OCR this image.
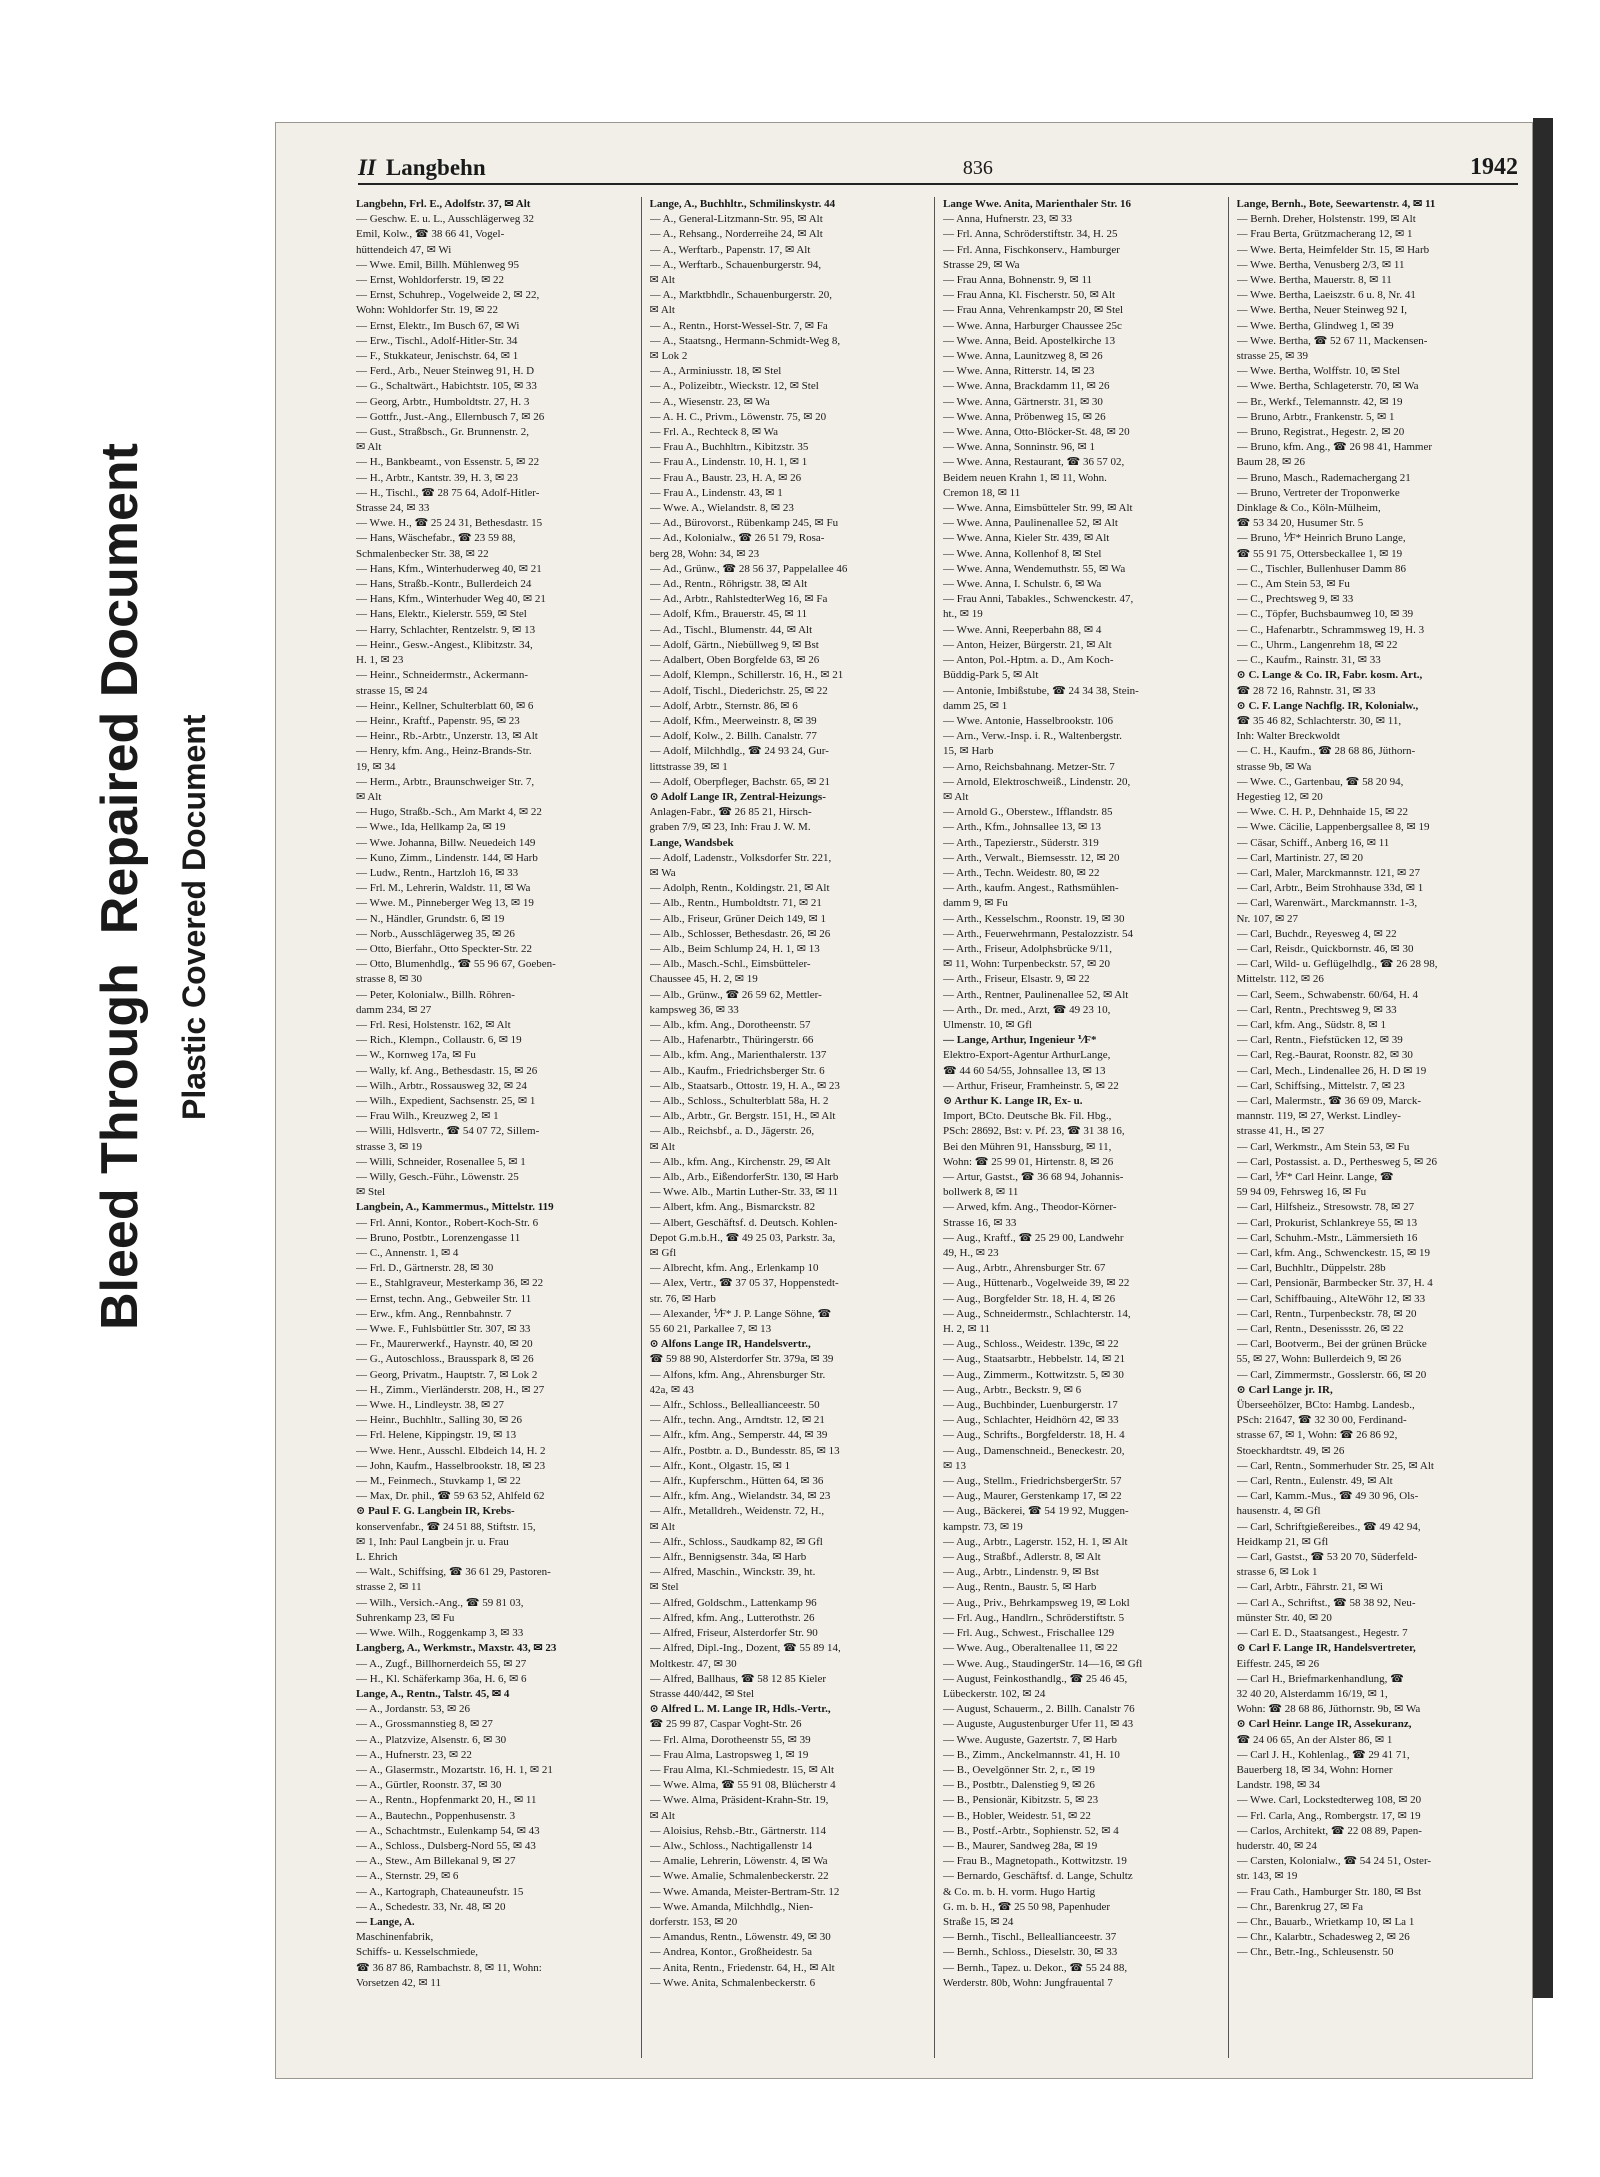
Bleed Through  Repaired Document Plastic Covered Document
II Langbehn	836	1942
Langbehn, Frl. E., Adolfstr. 37, ✉ Alt
— Geschw. E. u. L., Ausschlägerweg 32
Emil, Kolw., ☎ 38 66 41, Vogel-
hüttendeich 47, ✉ Wi
— Wwe. Emil, Billh. Mühlenweg 95
— Ernst, Wohldorferstr. 19, ✉ 22
— Ernst, Schuhrep., Vogelweide 2, ✉ 22,
Wohn: Wohldorfer Str. 19, ✉ 22
— Ernst, Elektr., Im Busch 67, ✉ Wi
— Erw., Tischl., Adolf-Hitler-Str. 34
— F., Stukkateur, Jenischstr. 64, ✉ 1
— Ferd., Arb., Neuer Steinweg 91, H. D
— G., Schaltwärt., Habichtstr. 105, ✉ 33
— Georg, Arbtr., Humboldtstr. 27, H. 3
— Gottfr., Just.-Ang., Ellernbusch 7, ✉ 26
— Gust., Straßbsch., Gr. Brunnenstr. 2,
✉ Alt
— H., Bankbeamt., von Essenstr. 5, ✉ 22
— H., Arbtr., Kantstr. 39, H. 3, ✉ 23
— H., Tischl., ☎ 28 75 64, Adolf-Hitler-
Strasse 24, ✉ 33
— Wwe. H., ☎ 25 24 31, Bethesdastr. 15
— Hans, Wäschefabr., ☎ 23 59 88,
Schmalenbecker Str. 38, ✉ 22
— Hans, Kfm., Winterhuderweg 40, ✉ 21
— Hans, Straßb.-Kontr., Bullerdeich 24
— Hans, Kfm., Winterhuder Weg 40, ✉ 21
— Hans, Elektr., Kielerstr. 559, ✉ Stel
— Harry, Schlachter, Rentzelstr. 9, ✉ 13
— Heinr., Gesw.-Angest., Klibitzstr. 34,
H. 1, ✉ 23
— Heinr., Schneidermstr., Ackermann-
strasse 15, ✉ 24
— Heinr., Kellner, Schulterblatt 60, ✉ 6
— Heinr., Kraftf., Papenstr. 95, ✉ 23
— Heinr., Rb.-Arbtr., Unzerstr. 13, ✉ Alt
— Henry, kfm. Ang., Heinz-Brands-Str.
19, ✉ 34
— Herm., Arbtr., Braunschweiger Str. 7,
✉ Alt
— Hugo, Straßb.-Sch., Am Markt 4, ✉ 22
— Wwe., Ida, Hellkamp 2a, ✉ 19
— Wwe. Johanna, Billw. Neuedeich 149
— Kuno, Zimm., Lindenstr. 144, ✉ Harb
— Ludw., Rentn., Hartzloh 16, ✉ 33
— Frl. M., Lehrerin, Waldstr. 11, ✉ Wa
— Wwe. M., Pinneberger Weg 13, ✉ 19
— N., Händler, Grundstr. 6, ✉ 19
— Norb., Ausschlägerweg 35, ✉ 26
— Otto, Bierfahr., Otto Speckter-Str. 22
— Otto, Blumenhdlg., ☎ 55 96 67, Goeben-
strasse 8, ✉ 30
— Peter, Kolonialw., Billh. Röhren-
damm 234, ✉ 27
— Frl. Resi, Holstenstr. 162, ✉ Alt
— Rich., Klempn., Collaustr. 6, ✉ 19
— W., Kornweg 17a, ✉ Fu
— Wally, kf. Ang., Bethesdastr. 15, ✉ 26
— Wilh., Arbtr., Rossausweg 32, ✉ 24
— Wilh., Expedient, Sachsenstr. 25, ✉ 1
— Frau Wilh., Kreuzweg 2, ✉ 1
— Willi, Hdlsvertr., ☎ 54 07 72, Sillem-
strasse 3, ✉ 19
— Willi, Schneider, Rosenallee 5, ✉ 1
— Willy, Gesch.-Führ., Löwenstr. 25
✉ Stel
Langbein, A., Kammermus., Mittelstr. 119
— Frl. Anni, Kontor., Robert-Koch-Str. 6
— Bruno, Postbtr., Lorenzengasse 11
— C., Annenstr. 1, ✉ 4
— Frl. D., Gärtnerstr. 28, ✉ 30
— E., Stahlgraveur, Mesterkamp 36, ✉ 22
— Ernst, techn. Ang., Gebweiler Str. 11
— Erw., kfm. Ang., Rennbahnstr. 7
— Wwe. F., Fuhlsbüttler Str. 307, ✉ 33
— Fr., Maurerwerkf., Haynstr. 40, ✉ 20
— G., Autoschloss., Brausspark 8, ✉ 26
— Georg, Privatm., Hauptstr. 7, ✉ Lok 2
— H., Zimm., Vierländerstr. 208, H., ✉ 27
— Wwe. H., Lindleystr. 38, ✉ 27
— Heinr., Buchhltr., Salling 30, ✉ 26
— Frl. Helene, Kippingstr. 19, ✉ 13
— Wwe. Henr., Ausschl. Elbdeich 14, H. 2
— John, Kaufm., Hasselbrookstr. 18, ✉ 23
— M., Feinmech., Stuvkamp 1, ✉ 22
— Max, Dr. phil., ☎ 59 63 52, Ahlfeld 62
⊙ Paul F. G. Langbein IR, Krebs-
konservenfabr., ☎ 24 51 88, Stiftstr. 15,
✉ 1, Inh: Paul Langbein jr. u. Frau
L. Ehrich
— Walt., Schiffsing, ☎ 36 61 29, Pastoren-
strasse 2, ✉ 11
— Wilh., Versich.-Ang., ☎ 59 81 03,
Suhrenkamp 23, ✉ Fu
— Wwe. Wilh., Roggenkamp 3, ✉ 33
Langberg, A., Werkmstr., Maxstr. 43, ✉ 23
— A., Zugf., Billhornerdeich 55, ✉ 27
— H., Kl. Schäferkamp 36a, H. 6, ✉ 6
Lange, A., Rentn., Talstr. 45, ✉ 4
— A., Jordanstr. 53, ✉ 26
— A., Grossmannstieg 8, ✉ 27
— A., Platzvize, Alsenstr. 6, ✉ 30
— A., Hufnerstr. 23, ✉ 22
— A., Glasermstr., Mozartstr. 16, H. 1, ✉ 21
— A., Gürtler, Roonstr. 37, ✉ 30
— A., Rentn., Hopfenmarkt 20, H., ✉ 11
— A., Bautechn., Poppenhusenstr. 3
— A., Schachtmstr., Eulenkamp 54, ✉ 43
— A., Schloss., Dulsberg-Nord 55, ✉ 43
— A., Stew., Am Billekanal 9, ✉ 27
— A., Sternstr. 29, ✉ 6
— A., Kartograph, Chateauneufstr. 15
— A., Schedestr. 33, Nr. 48, ✉ 20
— Lange, A.
Maschinenfabrik,
Schiffs- u. Kesselschmiede,
☎ 36 87 86, Rambachstr. 8, ✉ 11, Wohn:
Vorsetzen 42, ✉ 11
Lange, A., Buchhltr., Schmilinskystr. 44
— A., General-Litzmann-Str. 95, ✉ Alt
— A., Rehsang., Norderreihe 24, ✉ Alt
— A., Werftarb., Papenstr. 17, ✉ Alt
— A., Werftarb., Schauenburgerstr. 94,
✉ Alt
— A., Marktbhdlr., Schauenburgerstr. 20,
✉ Alt
— A., Rentn., Horst-Wessel-Str. 7, ✉ Fa
— A., Staatsng., Hermann-Schmidt-Weg 8,
✉ Lok 2
— A., Arminiusstr. 18, ✉ Stel
— A., Polizeibtr., Wieckstr. 12, ✉ Stel
— A., Wiesenstr. 23, ✉ Wa
— A. H. C., Privm., Löwenstr. 75, ✉ 20
— Frl. A., Rechteck 8, ✉ Wa
— Frau A., Buchhltrn., Kibitzstr. 35
— Frau A., Lindenstr. 10, H. 1, ✉ 1
— Frau A., Baustr. 23, H. A, ✉ 26
— Frau A., Lindenstr. 43, ✉ 1
— Wwe. A., Wielandstr. 8, ✉ 23
— Ad., Bürovorst., Rübenkamp 245, ✉ Fu
— Ad., Kolonialw., ☎ 26 51 79, Rosa-
berg 28, Wohn: 34, ✉ 23
— Ad., Grünw., ☎ 28 56 37, Pappelallee 46
— Ad., Rentn., Röhrigstr. 38, ✉ Alt
— Ad., Arbtr., RahlstedterWeg 16, ✉ Fa
— Adolf, Kfm., Brauerstr. 45, ✉ 11
— Ad., Tischl., Blumenstr. 44, ✉ Alt
— Adolf, Gärtn., Niebüllweg 9, ✉ Bst
— Adalbert, Oben Borgfelde 63, ✉ 26
— Adolf, Klempn., Schillerstr. 16, H., ✉ 21
— Adolf, Tischl., Diederichstr. 25, ✉ 22
— Adolf, Arbtr., Sternstr. 86, ✉ 6
— Adolf, Kfm., Meerweinstr. 8, ✉ 39
— Adolf, Kolw., 2. Billh. Canalstr. 77
— Adolf, Milchhdlg., ☎ 24 93 24, Gur-
littstrasse 39, ✉ 1
— Adolf, Oberpfleger, Bachstr. 65, ✉ 21
⊙ Adolf Lange IR, Zentral-Heizungs-
Anlagen-Fabr., ☎ 26 85 21, Hirsch-
graben 7/9, ✉ 23, Inh: Frau J. W. M.
Lange, Wandsbek
— Adolf, Ladenstr., Volksdorfer Str. 221,
✉ Wa
— Adolph, Rentn., Koldingstr. 21, ✉ Alt
— Alb., Rentn., Humboldtstr. 71, ✉ 21
— Alb., Friseur, Grüner Deich 149, ✉ 1
— Alb., Schlosser, Bethesdastr. 26, ✉ 26
— Alb., Beim Schlump 24, H. 1, ✉ 13
— Alb., Masch.-Schl., Eimsbütteler-
Chaussee 45, H. 2, ✉ 19
— Alb., Grünw., ☎ 26 59 62, Mettler-
kampsweg 36, ✉ 33
— Alb., kfm. Ang., Dorotheenstr. 57
— Alb., Hafenarbtr., Thüringerstr. 66
— Alb., kfm. Ang., Marienthalerstr. 137
— Alb., Kaufm., Friedrichsberger Str. 6
— Alb., Staatsarb., Ottostr. 19, H. A., ✉ 23
— Alb., Schloss., Schulterblatt 58a, H. 2
— Alb., Arbtr., Gr. Bergstr. 151, H., ✉ Alt
— Alb., Reichsbf., a. D., Jägerstr. 26,
✉ Alt
— Alb., kfm. Ang., Kirchenstr. 29, ✉ Alt
— Alb., Arb., EißendorferStr. 130, ✉ Harb
— Wwe. Alb., Martin Luther-Str. 33, ✉ 11
— Albert, kfm. Ang., Bismarckstr. 82
— Albert, Geschäftsf. d. Deutsch. Kohlen-
Depot G.m.b.H., ☎ 49 25 03, Parkstr. 3a,
✉ Gfl
— Albrecht, kfm. Ang., Erlenkamp 10
— Alex, Vertr., ☎ 37 05 37, Hoppenstedt-
str. 76, ✉ Harb
— Alexander, ⅟F* J. P. Lange Söhne, ☎
55 60 21, Parkallee 7, ✉ 13
⊙ Alfons Lange IR, Handelsvertr.,
☎ 59 88 90, Alsterdorfer Str. 379a, ✉ 39
— Alfons, kfm. Ang., Ahrensburger Str.
42a, ✉ 43
— Alfr., Schloss., Belleallianceestr. 50
— Alfr., techn. Ang., Arndtstr. 12, ✉ 21
— Alfr., kfm. Ang., Semperstr. 44, ✉ 39
— Alfr., Postbtr. a. D., Bundesstr. 85, ✉ 13
— Alfr., Kont., Olgastr. 15, ✉ 1
— Alfr., Kupferschm., Hütten 64, ✉ 36
— Alfr., kfm. Ang., Wielandstr. 34, ✉ 23
— Alfr., Metalldreh., Weidenstr. 72, H.,
✉ Alt
— Alfr., Schloss., Saudkamp 82, ✉ Gfl
— Alfr., Bennigsenstr. 34a, ✉ Harb
— Alfred, Maschin., Winckstr. 39, ht.
✉ Stel
— Alfred, Goldschm., Lattenkamp 96
— Alfred, kfm. Ang., Lutterothstr. 26
— Alfred, Friseur, Alsterdorfer Str. 90
— Alfred, Dipl.-Ing., Dozent, ☎ 55 89 14,
Moltkestr. 47, ✉ 30
— Alfred, Ballhaus, ☎ 58 12 85 Kieler
Strasse 440/442, ✉ Stel
⊙ Alfred L. M. Lange IR, Hdls.-Vertr.,
☎ 25 99 87, Caspar Voght-Str. 26
— Frl. Alma, Dorotheenstr 55, ✉ 39
— Frau Alma, Lastropsweg 1, ✉ 19
— Frau Alma, Kl.-Schmiedestr. 15, ✉ Alt
— Wwe. Alma, ☎ 55 91 08, Blücherstr 4
— Wwe. Alma, Präsident-Krahn-Str. 19,
✉ Alt
— Aloisius, Rehsb.-Btr., Gärtnerstr. 114
— Alw., Schloss., Nachtigallenstr 14
— Amalie, Lehrerin, Löwenstr. 4, ✉ Wa
— Wwe. Amalie, Schmalenbeckerstr. 22
— Wwe. Amanda, Meister-Bertram-Str. 12
— Wwe. Amanda, Milchhdlg., Nien-
dorferstr. 153, ✉ 20
— Amandus, Rentn., Löwenstr. 49, ✉ 30
— Andrea, Kontor., Großheidestr. 5a
— Anita, Rentn., Friedenstr. 64, H., ✉ Alt
— Wwe. Anita, Schmalenbeckerstr. 6
Lange Wwe. Anita, Marienthaler Str. 16
— Anna, Hufnerstr. 23, ✉ 33
— Frl. Anna, Schröderstiftstr. 34, H. 25
— Frl. Anna, Fischkonserv., Hamburger
Strasse 29, ✉ Wa
— Frau Anna, Bohnenstr. 9, ✉ 11
— Frau Anna, Kl. Fischerstr. 50, ✉ Alt
— Frau Anna, Vehrenkampstr 20, ✉ Stel
— Wwe. Anna, Harburger Chaussee 25c
— Wwe. Anna, Beid. Apostelkirche 13
— Wwe. Anna, Launitzweg 8, ✉ 26
— Wwe. Anna, Ritterstr. 14, ✉ 23
— Wwe. Anna, Brackdamm 11, ✉ 26
— Wwe. Anna, Gärtnerstr. 31, ✉ 30
— Wwe. Anna, Pröbenweg 15, ✉ 26
— Wwe. Anna, Otto-Blöcker-St. 48, ✉ 20
— Wwe. Anna, Sonninstr. 96, ✉ 1
— Wwe. Anna, Restaurant, ☎ 36 57 02,
Beidem neuen Krahn 1, ✉ 11, Wohn.
Cremon 18, ✉ 11
— Wwe. Anna, Eimsbütteler Str. 99, ✉ Alt
— Wwe. Anna, Paulinenallee 52, ✉ Alt
— Wwe. Anna, Kieler Str. 439, ✉ Alt
— Wwe. Anna, Kollenhof 8, ✉ Stel
— Wwe. Anna, Wendemuthstr. 55, ✉ Wa
— Wwe. Anna, I. Schulstr. 6, ✉ Wa
— Frau Anni, Tabakles., Schwenckestr. 47,
ht., ✉ 19
— Wwe. Anni, Reeperbahn 88, ✉ 4
— Anton, Heizer, Bürgerstr. 21, ✉ Alt
— Anton, Pol.-Hptm. a. D., Am Koch-
Büddig-Park 5, ✉ Alt
— Antonie, Imbißstube, ☎ 24 34 38, Stein-
damm 25, ✉ 1
— Wwe. Antonie, Hasselbrookstr. 106
— Arn., Verw.-Insp. i. R., Waltenbergstr.
15, ✉ Harb
— Arno, Reichsbahnang. Metzer-Str. 7
— Arnold, Elektroschweiß., Lindenstr. 20,
✉ Alt
— Arnold G., Oberstew., Ifflandstr. 85
— Arth., Kfm., Johnsallee 13, ✉ 13
— Arth., Tapezierstr., Süderstr. 319
— Arth., Verwalt., Biemsesstr. 12, ✉ 20
— Arth., Techn. Weidestr. 80, ✉ 22
— Arth., kaufm. Angest., Rathsmühlen-
damm 9, ✉ Fu
— Arth., Kesselschm., Roonstr. 19, ✉ 30
— Arth., Feuerwehrmann, Pestalozzistr. 54
— Arth., Friseur, Adolphsbrücke 9/11,
✉ 11, Wohn: Turpenbeckstr. 57, ✉ 20
— Arth., Friseur, Elsastr. 9, ✉ 22
— Arth., Rentner, Paulinenallee 52, ✉ Alt
— Arth., Dr. med., Arzt, ☎ 49 23 10,
Ulmenstr. 10, ✉ Gfl
— Lange, Arthur, Ingenieur ⅟F*
Elektro-Export-Agentur ArthurLange,
☎ 44 60 54/55, Johnsallee 13, ✉ 13
— Arthur, Friseur, Framheinstr. 5, ✉ 22
⊙ Arthur K. Lange IR, Ex- u.
Import, BCto. Deutsche Bk. Fil. Hbg.,
PSch: 28692, Bst: v. Pf. 23, ☎ 31 38 16,
Bei den Mühren 91, Hanssburg, ✉ 11,
Wohn: ☎ 25 99 01, Hirtenstr. 8, ✉ 26
— Artur, Gastst., ☎ 36 68 94, Johannis-
bollwerk 8, ✉ 11
— Arwed, kfm. Ang., Theodor-Körner-
Strasse 16, ✉ 33
— Aug., Kraftf., ☎ 25 29 00, Landwehr
49, H., ✉ 23
— Aug., Arbtr., Ahrensburger Str. 67
— Aug., Hüttenarb., Vogelweide 39, ✉ 22
— Aug., Borgfelder Str. 18, H. 4, ✉ 26
— Aug., Schneidermstr., Schlachterstr. 14,
H. 2, ✉ 11
— Aug., Schloss., Weidestr. 139c, ✉ 22
— Aug., Staatsarbtr., Hebbelstr. 14, ✉ 21
— Aug., Zimmerm., Kottwitzstr. 5, ✉ 30
— Aug., Arbtr., Beckstr. 9, ✉ 6
— Aug., Buchbinder, Luenburgerstr. 17
— Aug., Schlachter, Heidhörn 42, ✉ 33
— Aug., Schrifts., Borgfelderstr. 18, H. 4
— Aug., Damenschneid., Beneckestr. 20,
✉ 13
— Aug., Stellm., FriedrichsbergerStr. 57
— Aug., Maurer, Gerstenkamp 17, ✉ 22
— Aug., Bäckerei, ☎ 54 19 92, Muggen-
kampstr. 73, ✉ 19
— Aug., Arbtr., Lagerstr. 152, H. 1, ✉ Alt
— Aug., Straßbf., Adlerstr. 8, ✉ Alt
— Aug., Arbtr., Lindenstr. 9, ✉ Bst
— Aug., Rentn., Baustr. 5, ✉ Harb
— Aug., Priv., Behrkampsweg 19, ✉ Lokl
— Frl. Aug., Handlrn., Schröderstiftstr. 5
— Frl. Aug., Schwest., Frischallee 129
— Wwe. Aug., Oberaltenallee 11, ✉ 22
— Wwe. Aug., StaudingerStr. 14—16, ✉ Gfl
— August, Feinkosthandlg., ☎ 25 46 45,
Lübeckerstr. 102, ✉ 24
— August, Schauerm., 2. Billh. Canalstr 76
— Auguste, Augustenburger Ufer 11, ✉ 43
— Wwe. Auguste, Gazertstr. 7, ✉ Harb
— B., Zimm., Anckelmannstr. 41, H. 10
— B., Oevelgönner Str. 2, r., ✉ 19
— B., Postbtr., Dalenstieg 9, ✉ 26
— B., Pensionär, Kibitzstr. 5, ✉ 23
— B., Hobler, Weidestr. 51, ✉ 22
— B., Postf.-Arbtr., Sophienstr. 52, ✉ 4
— B., Maurer, Sandweg 28a, ✉ 19
— Frau B., Magnetopath., Kottwitzstr. 19
— Bernardo, Geschäftsf. d. Lange, Schultz
& Co. m. b. H. vorm. Hugo Hartig
G. m. b. H., ☎ 25 50 98, Papenhuder
Straße 15, ✉ 24
— Bernh., Tischl., Belleallianceestr. 37
— Bernh., Schloss., Dieselstr. 30, ✉ 33
— Bernh., Tapez. u. Dekor., ☎ 55 24 88,
Werderstr. 80b, Wohn: Jungfrauental 7
Lange, Bernh., Bote, Seewartenstr. 4, ✉ 11
— Bernh. Dreher, Holstenstr. 199, ✉ Alt
— Frau Berta, Grützmacherang 12, ✉ 1
— Wwe. Berta, Heimfelder Str. 15, ✉ Harb
— Wwe. Bertha, Venusberg 2/3, ✉ 11
— Wwe. Bertha, Mauerstr. 8, ✉ 11
— Wwe. Bertha, Laeiszstr. 6 u. 8, Nr. 41
— Wwe. Bertha, Neuer Steinweg 92 I,
— Wwe. Bertha, Glindweg 1, ✉ 39
— Wwe. Bertha, ☎ 52 67 11, Mackensen-
strasse 25, ✉ 39
— Wwe. Bertha, Wolffstr. 10, ✉ Stel
— Wwe. Bertha, Schlageterstr. 70, ✉ Wa
— Br., Werkf., Telemannstr. 42, ✉ 19
— Bruno, Arbtr., Frankenstr. 5, ✉ 1
— Bruno, Registrat., Hegestr. 2, ✉ 20
— Bruno, kfm. Ang., ☎ 26 98 41, Hammer
Baum 28, ✉ 26
— Bruno, Masch., Rademachergang 21
— Bruno, Vertreter der Troponwerke
Dinklage & Co., Köln-Mülheim,
☎ 53 34 20, Husumer Str. 5
— Bruno, ⅟F* Heinrich Bruno Lange,
☎ 55 91 75, Ottersbeckallee 1, ✉ 19
— C., Tischler, Bullenhuser Damm 86
— C., Am Stein 53, ✉ Fu
— C., Prechtsweg 9, ✉ 33
— C., Töpfer, Buchsbaumweg 10, ✉ 39
— C., Hafenarbtr., Schrammsweg 19, H. 3
— C., Uhrm., Langenrehm 18, ✉ 22
— C., Kaufm., Rainstr. 31, ✉ 33
⊙ C. Lange & Co. IR, Fabr. kosm. Art.,
☎ 28 72 16, Rahnstr. 31, ✉ 33
⊙ C. F. Lange Nachflg. IR, Kolonialw.,
☎ 35 46 82, Schlachterstr. 30, ✉ 11,
Inh: Walter Breckwoldt
— C. H., Kaufm., ☎ 28 68 86, Jüthorn-
strasse 9b, ✉ Wa
— Wwe. C., Gartenbau, ☎ 58 20 94,
Hegestieg 12, ✉ 20
— Wwe. C. H. P., Dehnhaide 15, ✉ 22
— Wwe. Cäcilie, Lappenbergsallee 8, ✉ 19
— Cäsar, Schiff., Anberg 16, ✉ 11
— Carl, Martinistr. 27, ✉ 20
— Carl, Maler, Marckmannstr. 121, ✉ 27
— Carl, Arbtr., Beim Strohhause 33d, ✉ 1
— Carl, Warenwärt., Marckmannstr. 1-3,
Nr. 107, ✉ 27
— Carl, Buchdr., Reyesweg 4, ✉ 22
— Carl, Reisdr., Quickbornstr. 46, ✉ 30
— Carl, Wild- u. Geflügelhdlg., ☎ 26 28 98,
Mittelstr. 112, ✉ 26
— Carl, Seem., Schwabenstr. 60/64, H. 4
— Carl, Rentn., Prechtsweg 9, ✉ 33
— Carl, kfm. Ang., Südstr. 8, ✉ 1
— Carl, Rentn., Fiefstücken 12, ✉ 39
— Carl, Reg.-Baurat, Roonstr. 82, ✉ 30
— Carl, Mech., Lindenallee 26, H. D ✉ 19
— Carl, Schiffsing., Mittelstr. 7, ✉ 23
— Carl, Malermstr., ☎ 36 69 09, Marck-
mannstr. 119, ✉ 27, Werkst. Lindley-
strasse 41, H., ✉ 27
— Carl, Werkmstr., Am Stein 53, ✉ Fu
— Carl, Postassist. a. D., Perthesweg 5, ✉ 26
— Carl, ⅟F* Carl Heinr. Lange, ☎
59 94 09, Fehrsweg 16, ✉ Fu
— Carl, Hilfsheiz., Stresowstr. 78, ✉ 27
— Carl, Prokurist, Schlankreye 55, ✉ 13
— Carl, Schuhm.-Mstr., Lämmersieth 16
— Carl, kfm. Ang., Schwenckestr. 15, ✉ 19
— Carl, Buchhltr., Düppelstr. 28b
— Carl, Pensionär, Barmbecker Str. 37, H. 4
— Carl, Schiffbauing., AlteWöhr 12, ✉ 33
— Carl, Rentn., Turpenbeckstr. 78, ✉ 20
— Carl, Rentn., Desenissstr. 26, ✉ 22
— Carl, Bootverm., Bei der grünen Brücke
55, ✉ 27, Wohn: Bullerdeich 9, ✉ 26
— Carl, Zimmermstr., Gosslerstr. 66, ✉ 20
⊙ Carl Lange jr. IR,
Überseehölzer, BCto: Hambg. Landesb.,
PSch: 21647, ☎ 32 30 00, Ferdinand-
strasse 67, ✉ 1, Wohn: ☎ 26 86 92,
Stoeckhardtstr. 49, ✉ 26
— Carl, Rentn., Sommerhuder Str. 25, ✉ Alt
— Carl, Rentn., Eulenstr. 49, ✉ Alt
— Carl, Kamm.-Mus., ☎ 49 30 96, Ols-
hausenstr. 4, ✉ Gfl
— Carl, Schriftgießereibes., ☎ 49 42 94,
Heidkamp 21, ✉ Gfl
— Carl, Gastst., ☎ 53 20 70, Süderfeld-
strasse 6, ✉ Lok 1
— Carl, Arbtr., Fährstr. 21, ✉ Wi
— Carl A., Schriftst., ☎ 58 38 92, Neu-
münster Str. 40, ✉ 20
— Carl E. D., Staatsangest., Hegestr. 7
⊙ Carl F. Lange IR, Handelsvertreter,
Eiffestr. 245, ✉ 26
— Carl H., Briefmarkenhandlung, ☎
32 40 20, Alsterdamm 16/19, ✉ 1,
Wohn: ☎ 28 68 86, Jüthornstr. 9b, ✉ Wa
⊙ Carl Heinr. Lange IR, Assekuranz,
☎ 24 06 65, An der Alster 86, ✉ 1
— Carl J. H., Kohlenlag., ☎ 29 41 71,
Bauerberg 18, ✉ 34, Wohn: Horner
Landstr. 198, ✉ 34
— Wwe. Carl, Lockstedterweg 108, ✉ 20
— Frl. Carla, Ang., Rombergstr. 17, ✉ 19
— Carlos, Architekt, ☎ 22 08 89, Papen-
huderstr. 40, ✉ 24
— Carsten, Kolonialw., ☎ 54 24 51, Oster-
str. 143, ✉ 19
— Frau Cath., Hamburger Str. 180, ✉ Bst
— Chr., Barenkrug 27, ✉ Fa
— Chr., Bauarb., Wrietkamp 10, ✉ La 1
— Chr., Kalarbtr., Schadesweg 2, ✉ 26
— Chr., Betr.-Ing., Schleusenstr. 50
